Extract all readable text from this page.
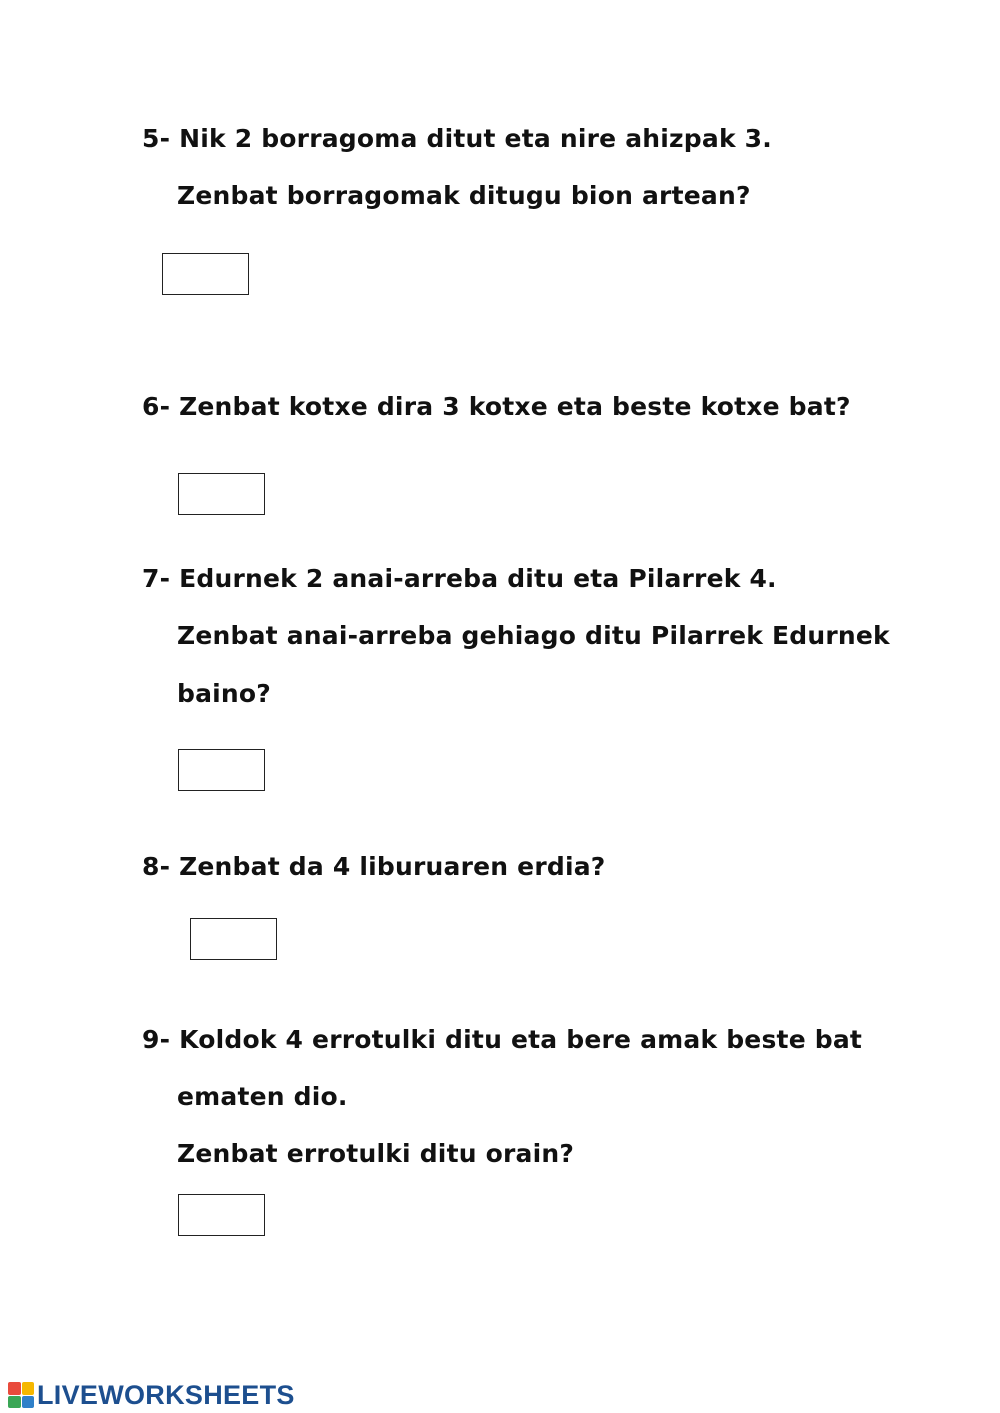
5- Nik 2 borragoma ditut eta nire ahizpak 3.
Zenbat borragomak ditugu bion artean?
6- Zenbat kotxe dira 3 kotxe eta beste kotxe bat?
7- Edurnek 2 anai-arreba ditu eta Pilarrek 4.
Zenbat anai-arreba gehiago ditu Pilarrek Edurnek
baino?
8- Zenbat da 4 liburuaren erdia?
9- Koldok 4 errotulki ditu eta bere amak beste bat
ematen dio.
Zenbat errotulki ditu orain?
LIVEWORKSHEETS
